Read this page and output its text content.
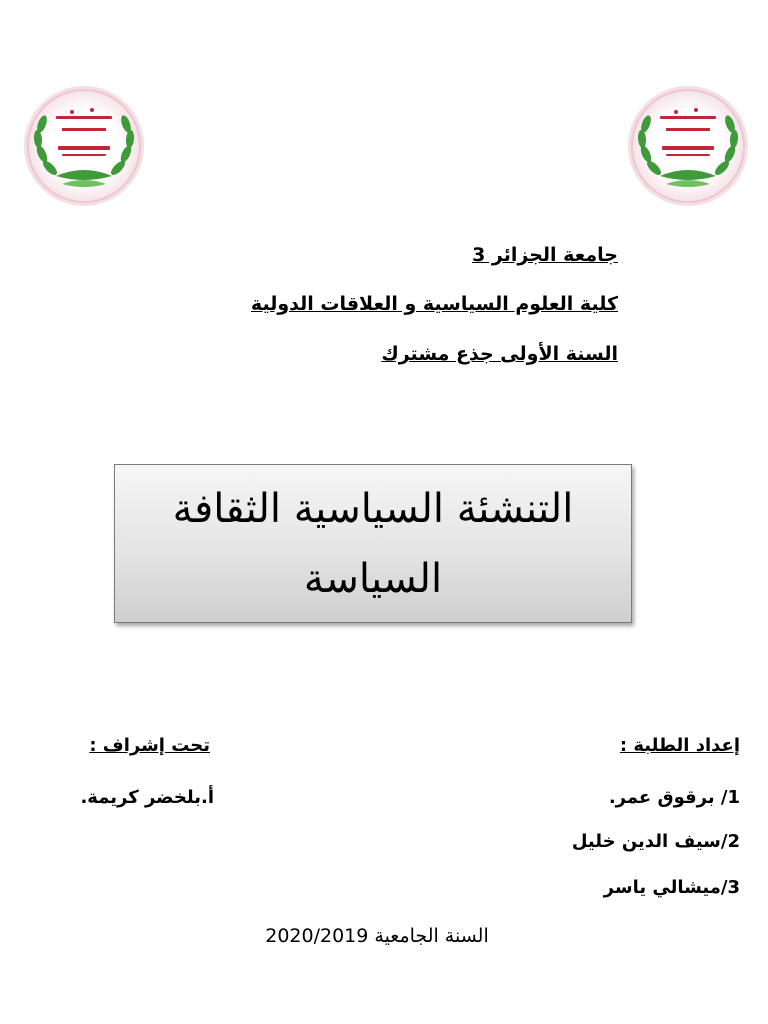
جامعة الجزائر 3
كلية العلوم السياسية و العلاقات الدولية
السنة الأولى جذع مشترك
التنشئة السياسية الثقافة السياسة
إعداد الطلبة :
1/ برقوق عمر.
2/سيف الدين خليل
3/ميشالي ياسر
تحت إشراف :
أ.بلخضر كريمة.
السنة الجامعية 2020/2019
